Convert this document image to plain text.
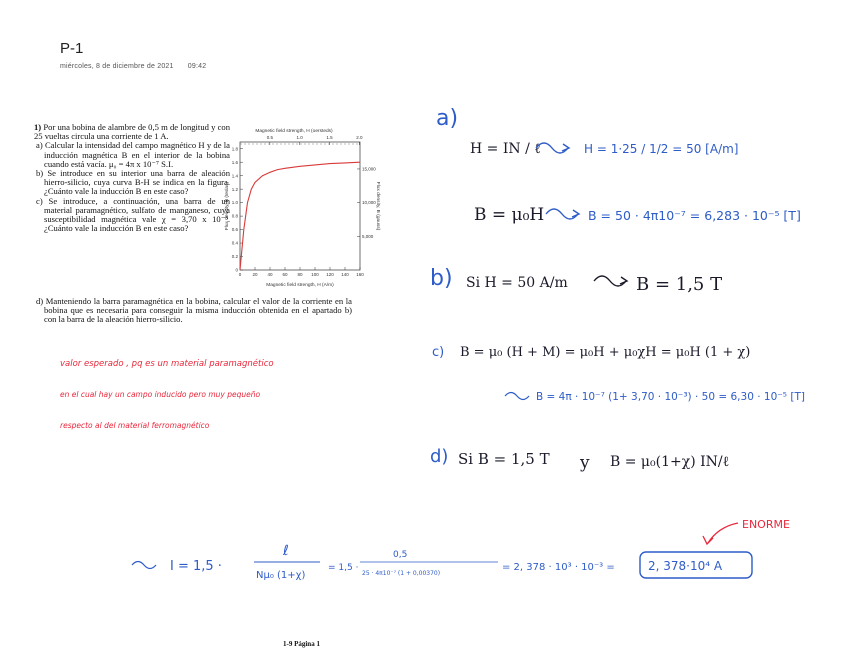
P-1
miércoles, 8 de diciembre de 2021 09:42

1) Por una bobina de alambre de 0,5 m de longitud y con 25 vueltas circula una corriente de 1 A.

a) Calcular la intensidad del campo magnético H y de la inducción magnética B en el interior de la bobina cuando está vacía. μ₀ = 4π x 10⁻⁷ S.I.

b) Se introduce en su interior una barra de aleación hierro-silicio, cuya curva B-H se indica en la figura. ¿Cuánto vale la inducción B en este caso?

c) Se introduce, a continuación, una barra de un material paramagnético, sulfato de manganeso, cuya susceptibilidad magnética vale χ = 3,70 x 10⁻³. ¿Cuánto vale la inducción B en este caso?

d) Manteniendo la barra paramagnética en la bobina, calcular el valor de la corriente en la bobina que es necesaria para conseguir la misma inducción obtenida en el apartado b) con la barra de la aleación hierro-silicio.

Magnetic field strength, H (oersteds)
0.5	1.0	1.5	2.0
0
0.2
0.4
0.6
0.8
1.0
1.2
1.4
1.6
1.8
5,000
10,000
15,000
0 20 40 60 80 100 120 140 160
Magnetic field strength, H (A/m)
Flux density, B (teslas)	Flux density, B (gauss)
valor esperado , pq es un material paramagnético
en el cual hay un campo inducido pero muy pequeño
respecto al del material ferromagnético
a)
H = IN / ℓ	H = 1·25 / 1/2 = 50 [A/m]
B = μ₀H	B = 50 · 4π10⁻⁷ = 6,283 · 10⁻⁵ [T]
b) Si H = 50 A/m	B = 1,5 T
c) B = μ₀ (H + M) = μ₀H + μ₀χH = μ₀H (1 + χ)
B = 4π · 10⁻⁷ (1+ 3,70 · 10⁻³) · 50 = 6,30 · 10⁻⁵ [T]
d) Si B = 1,5 T y B = μ₀(1+χ) IN/ℓ
ENORME
I = 1,5 ·
ℓ
Nμ₀ (1+χ)
= 1,5 ·
0,5
25 · 4π10⁻⁷ (1 + 0,00370)
= 2, 378 · 10³ · 10⁻³ =	2, 378·10⁴ A
1-9 Página 1
